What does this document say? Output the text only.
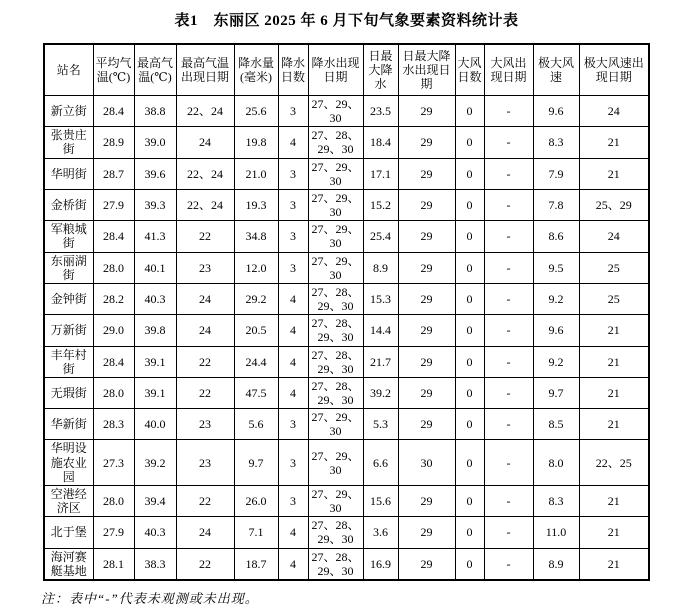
表1　东丽区 2025 年 6 月下旬气象要素资料统计表
站名	平均气温(℃)	最高气温(℃)	最高气温出现日期	降水量(毫米)	降水日数	降水出现日期	日最大降水	日最大降水出现日期	大风日数	大风出现日期	极大风速	极大风速出现日期
新立街	28.4	38.8	22、24	25.6	3	27、29、30	23.5	29	0	-	9.6	24
张贵庄街	28.9	39.0	24	19.8	4	27、28、29、30	18.4	29	0	-	8.3	21
华明街	28.7	39.6	22、24	21.0	3	27、29、30	17.1	29	0	-	7.9	21
金桥街	27.9	39.3	22、24	19.3	3	27、29、30	15.2	29	0	-	7.8	25、29
军粮城街	28.4	41.3	22	34.8	3	27、29、30	25.4	29	0	-	8.6	24
东丽湖街	28.0	40.1	23	12.0	3	27、29、30	8.9	29	0	-	9.5	25
金钟街	28.2	40.3	24	29.2	4	27、28、29、30	15.3	29	0	-	9.2	25
万新街	29.0	39.8	24	20.5	4	27、28、29、30	14.4	29	0	-	9.6	21
丰年村街	28.4	39.1	22	24.4	4	27、28、29、30	21.7	29	0	-	9.2	21
无瑕街	28.0	39.1	22	47.5	4	27、28、29、30	39.2	29	0	-	9.7	21
华新街	28.3	40.0	23	5.6	3	27、29、30	5.3	29	0	-	8.5	21
华明设施农业园	27.3	39.2	23	9.7	3	27、29、30	6.6	30	0	-	8.0	22、25
空港经济区	28.0	39.4	22	26.0	3	27、29、30	15.6	29	0	-	8.3	21
北于堡	27.9	40.3	24	7.1	4	27、28、29、30	3.6	29	0	-	11.0	21
海河赛艇基地	28.1	38.3	22	18.7	4	27、28、29、30	16.9	29	0	-	8.9	21
注：表中“-”代表未观测或未出现。
